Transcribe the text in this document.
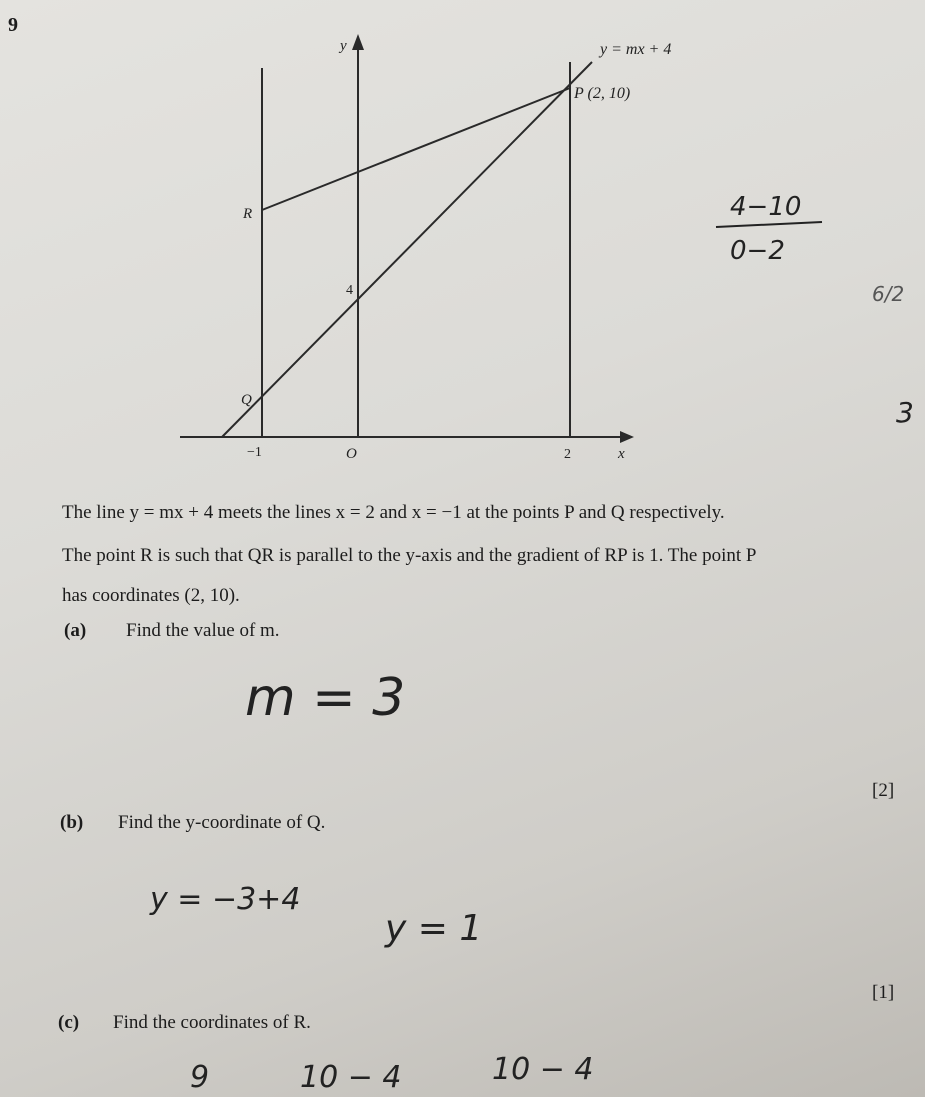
9
y
x
y = mx + 4
P (2, 10)
R
4
Q
−1	O	2
4−10
0−2
6/2
3
The line y = mx + 4 meets the lines x = 2 and x = −1 at the points P and Q respectively.
The point R is such that QR is parallel to the y-axis and the gradient of RP is 1. The point P
has coordinates (2, 10).
(a) Find the value of m.
m = 3
[2]
(b) Find the y-coordinate of Q.
y = −3+4
y = 1
[1]
(c) Find the coordinates of R.
9	10 − 4	10 − 4
